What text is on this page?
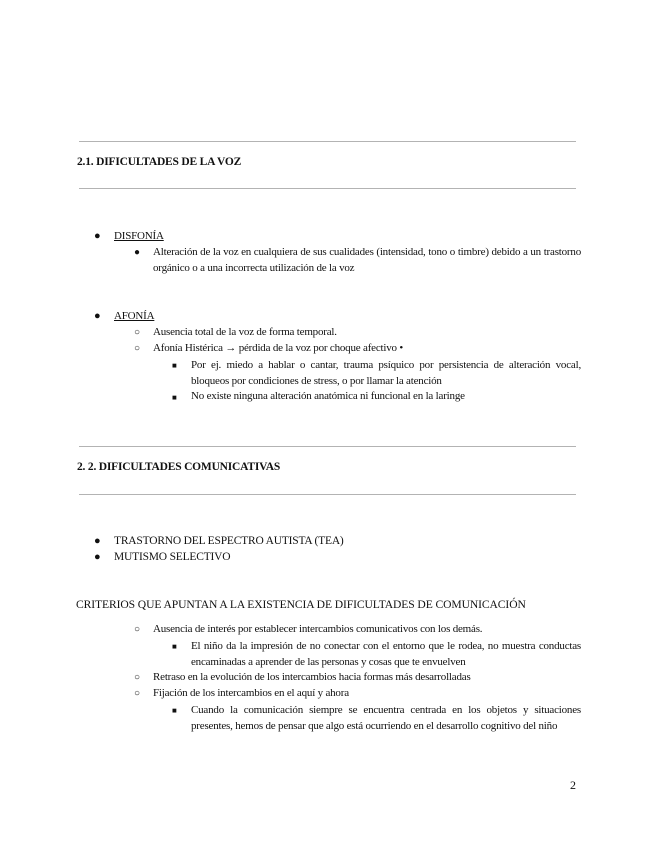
2.1. DIFICULTADES DE LA VOZ
● DISFONÍA
● Alteración de la voz en cualquiera de sus cualidades (intensidad, tono o timbre) debido a un trastorno orgánico o a una incorrecta utilización de la voz
● AFONÍA
○ Ausencia total de la voz de forma temporal.
○ Afonía Histérica → pérdida de la voz por choque afectivo •
■ Por ej. miedo a hablar o cantar, trauma psíquico por persistencia de alteración vocal, bloqueos por condiciones de stress, o por llamar la atención
■ No existe ninguna alteración anatómica ni funcional en la laringe
2. 2. DIFICULTADES COMUNICATIVAS
● TRASTORNO DEL ESPECTRO AUTISTA (TEA)
● MUTISMO SELECTIVO
CRITERIOS QUE APUNTAN A LA EXISTENCIA DE DIFICULTADES DE COMUNICACIÓN
○ Ausencia de interés por establecer intercambios comunicativos con los demás.
■ El niño da la impresión de no conectar con el entorno que le rodea, no muestra conductas encaminadas a aprender de las personas y cosas que te envuelven
○ Retraso en la evolución de los intercambios hacia formas más desarrolladas
○ Fijación de los intercambios en el aquí y ahora
■ Cuando la comunicación siempre se encuentra centrada en los objetos y situaciones presentes, hemos de pensar que algo está ocurriendo en el desarrollo cognitivo del niño
2
